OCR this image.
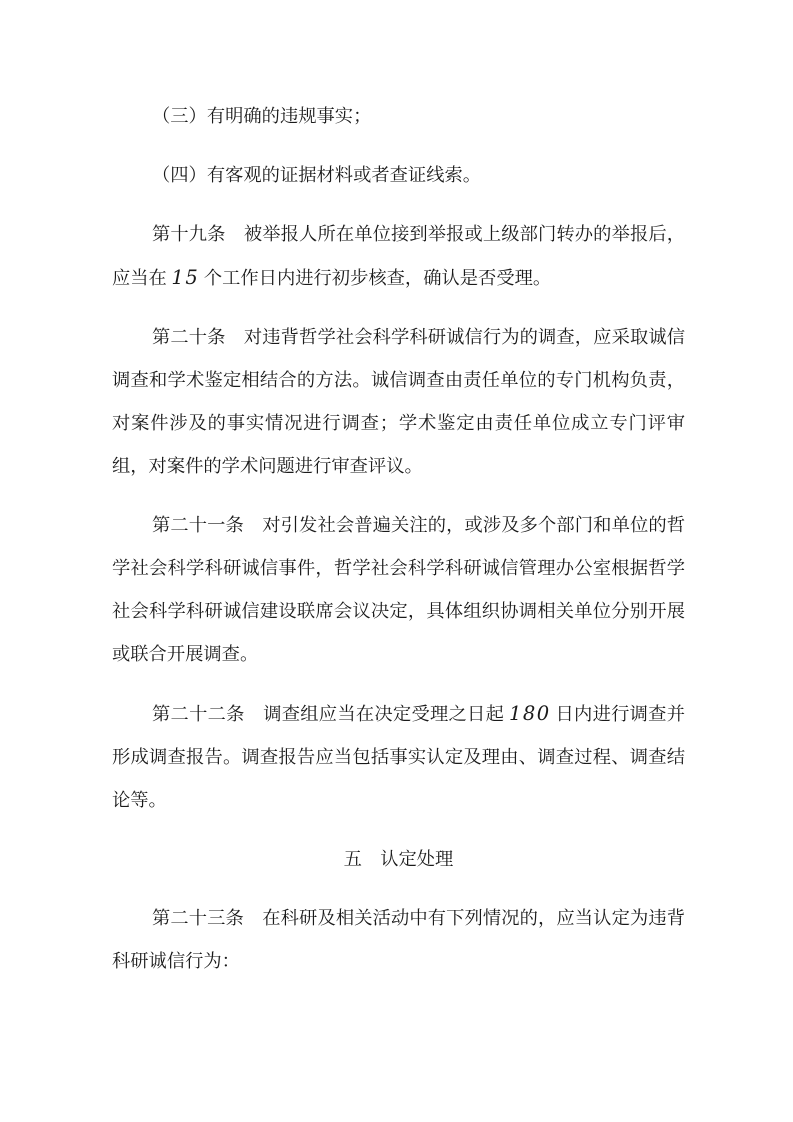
（三）有明确的违规事实；

（四）有客观的证据材料或者查证线索。

第十九条　被举报人所在单位接到举报或上级部门转办的举报后，应当在 15 个工作日内进行初步核查，确认是否受理。

第二十条　对违背哲学社会科学科研诚信行为的调查，应采取诚信调查和学术鉴定相结合的方法。诚信调查由责任单位的专门机构负责，对案件涉及的事实情况进行调查；学术鉴定由责任单位成立专门评审组，对案件的学术问题进行审查评议。

第二十一条　对引发社会普遍关注的，或涉及多个部门和单位的哲学社会科学科研诚信事件，哲学社会科学科研诚信管理办公室根据哲学社会科学科研诚信建设联席会议决定，具体组织协调相关单位分别开展或联合开展调查。

第二十二条　调查组应当在决定受理之日起 180 日内进行调查并形成调查报告。调查报告应当包括事实认定及理由、调查过程、调查结论等。

五　认定处理

第二十三条　在科研及相关活动中有下列情况的，应当认定为违背科研诚信行为：
